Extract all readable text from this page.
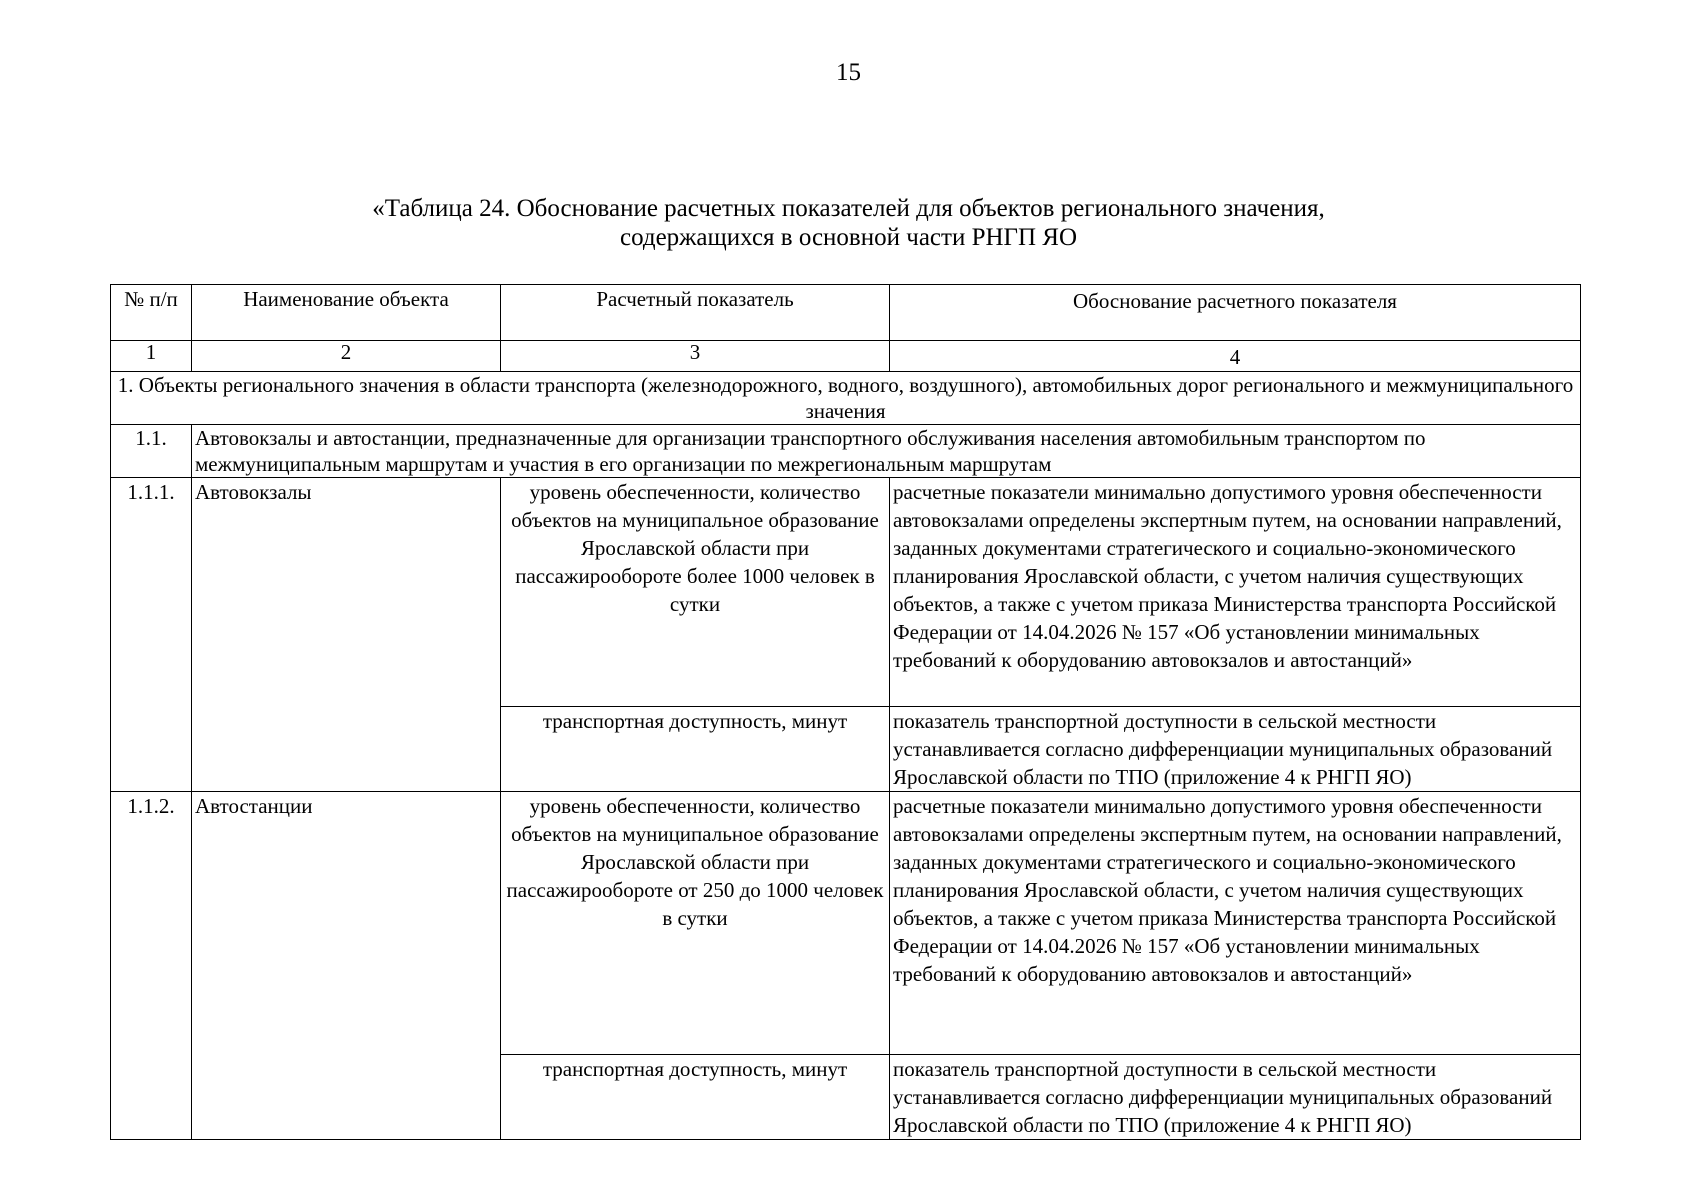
15
«Таблица 24. Обоснование расчетных показателей для объектов регионального значения,
содержащихся в основной части РНГП ЯО
№ п/п	Наименование объекта	Расчетный показатель	Обоснование расчетного показателя
1	2	3	4
1. Объекты регионального значения в области транспорта (железнодорожного, водного, воздушного), автомобильных дорог регионального и межмуниципального значения			
1.1.	Автовокзалы и автостанции, предназначенные для организации транспортного обслуживания населения автомобильным транспортом по межмуниципальным маршрутам и участия в его организации по межрегиональным маршрутам		
1.1.1.	Автовокзалы	уровень обеспеченности, количество объектов на муниципальное образование Ярославской области при пассажирообороте более 1000 человек в сутки	расчетные показатели минимально допустимого уровня обеспеченности автовокзалами определены экспертным путем, на основании направлений, заданных документами стратегического и социально-экономического планирования Ярославской области, с учетом наличия существующих объектов, а также с учетом приказа Министерства транспорта Российской Федерации от 14.04.2026 № 157 «Об установлении минимальных требований к оборудованию автовокзалов и автостанций»
		транспортная доступность, минут	показатель транспортной доступности в сельской местности устанавливается согласно дифференциации муниципальных образований Ярославской области по ТПО (приложение 4 к РНГП ЯО)
1.1.2.	Автостанции	уровень обеспеченности, количество объектов на муниципальное образование Ярославской области при пассажирообороте от 250 до 1000 человек в сутки	расчетные показатели минимально допустимого уровня обеспеченности автовокзалами определены экспертным путем, на основании направлений, заданных документами стратегического и социально-экономического планирования Ярославской области, с учетом наличия существующих объектов, а также с учетом приказа Министерства транспорта Российской Федерации от 14.04.2026 № 157 «Об установлении минимальных требований к оборудованию автовокзалов и автостанций»
		транспортная доступность, минут	показатель транспортной доступности в сельской местности устанавливается согласно дифференциации муниципальных образований Ярославской области по ТПО (приложение 4 к РНГП ЯО)
